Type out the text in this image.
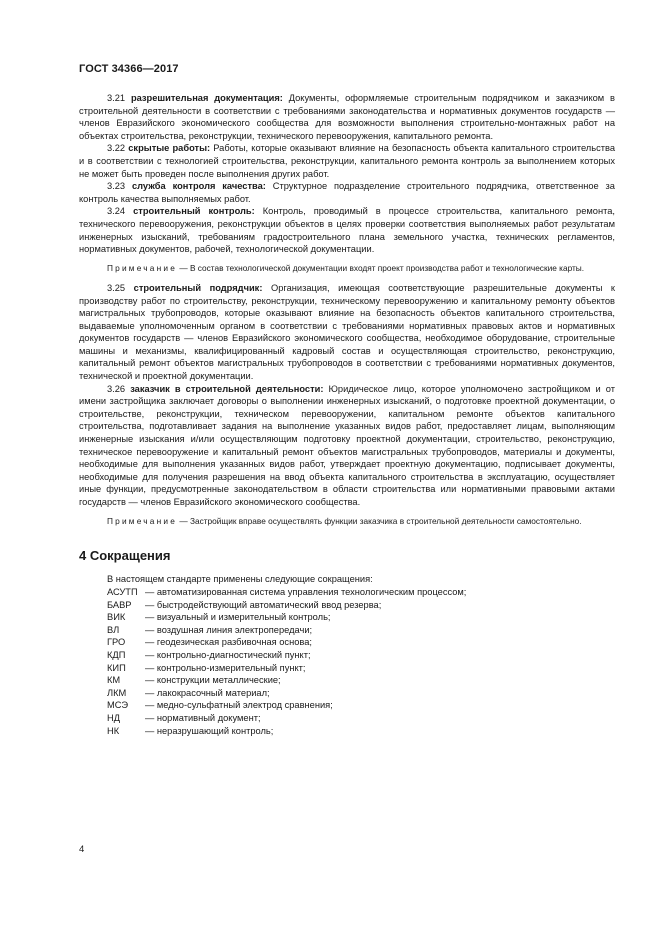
ГОСТ 34366—2017

3.21 разрешительная документация: Документы, оформляемые строительным подрядчиком и заказчиком в строительной деятельности в соответствии с требованиями законодательства и нормативных документов государств — членов Евразийского экономического сообщества для возможности выполнения строительно-монтажных работ на объектах строительства, реконструкции, технического перевооружения, капитального ремонта.

3.22 скрытые работы: Работы, которые оказывают влияние на безопасность объекта капитального строительства и в соответствии с технологией строительства, реконструкции, капитального ремонта контроль за выполнением которых не может быть проведен после выполнения других работ.

3.23 служба контроля качества: Структурное подразделение строительного подрядчика, ответственное за контроль качества выполняемых работ.

3.24 строительный контроль: Контроль, проводимый в процессе строительства, капитального ремонта, технического перевооружения, реконструкции объектов в целях проверки соответствия выполняемых работ результатам инженерных изысканий, требованиям градостроительного плана земельного участка, технических регламентов, нормативных документов, рабочей, технологической документации.

Примечание — В состав технологической документации входят проект производства работ и технологические карты.

3.25 строительный подрядчик: Организация, имеющая соответствующие разрешительные документы к производству работ по строительству, реконструкции, техническому перевооружению и капитальному ремонту объектов магистральных трубопроводов, которые оказывают влияние на безопасность объектов капитального строительства, выдаваемые уполномоченным органом в соответствии с требованиями нормативных правовых актов и нормативных документов государств — членов Евразийского экономического сообщества, необходимое оборудование, строительные машины и механизмы, квалифицированный кадровый состав и осуществляющая строительство, реконструкцию, капитальный ремонт объектов магистральных трубопроводов в соответствии с требованиями нормативных документов, технической и проектной документации.

3.26 заказчик в строительной деятельности: Юридическое лицо, которое уполномочено застройщиком и от имени застройщика заключает договоры о выполнении инженерных изысканий, о подготовке проектной документации, о строительстве, реконструкции, техническом перевооружении, капитальном ремонте объектов капитального строительства, подготавливает задания на выполнение указанных видов работ, предоставляет лицам, выполняющим инженерные изыскания и/или осуществляющим подготовку проектной документации, строительство, реконструкцию, техническое перевооружение и капитальный ремонт объектов магистральных трубопроводов, материалы и документы, необходимые для выполнения указанных видов работ, утверждает проектную документацию, подписывает документы, необходимые для получения разрешения на ввод объекта капитального строительства в эксплуатацию, осуществляет иные функции, предусмотренные законодательством в области строительства или нормативными правовыми актами государств — членов Евразийского экономического сообщества.

Примечание — Застройщик вправе осуществлять функции заказчика в строительной деятельности самостоятельно.

4 Сокращения

В настоящем стандарте применены следующие сокращения:

АСУТП — автоматизированная система управления технологическим процессом;
БАВР	— быстродействующий автоматический ввод резерва;
ВИК	— визуальный и измерительный контроль;
ВЛ	— воздушная линия электропередачи;
ГРО	— геодезическая разбивочная основа;
КДП	— контрольно-диагностический пункт;
КИП	— контрольно-измерительный пункт;
КМ	— конструкции металлические;
ЛКМ	— лакокрасочный материал;
МСЭ	— медно-сульфатный электрод сравнения;
НД	— нормативный документ;
НК	— неразрушающий контроль;
4
